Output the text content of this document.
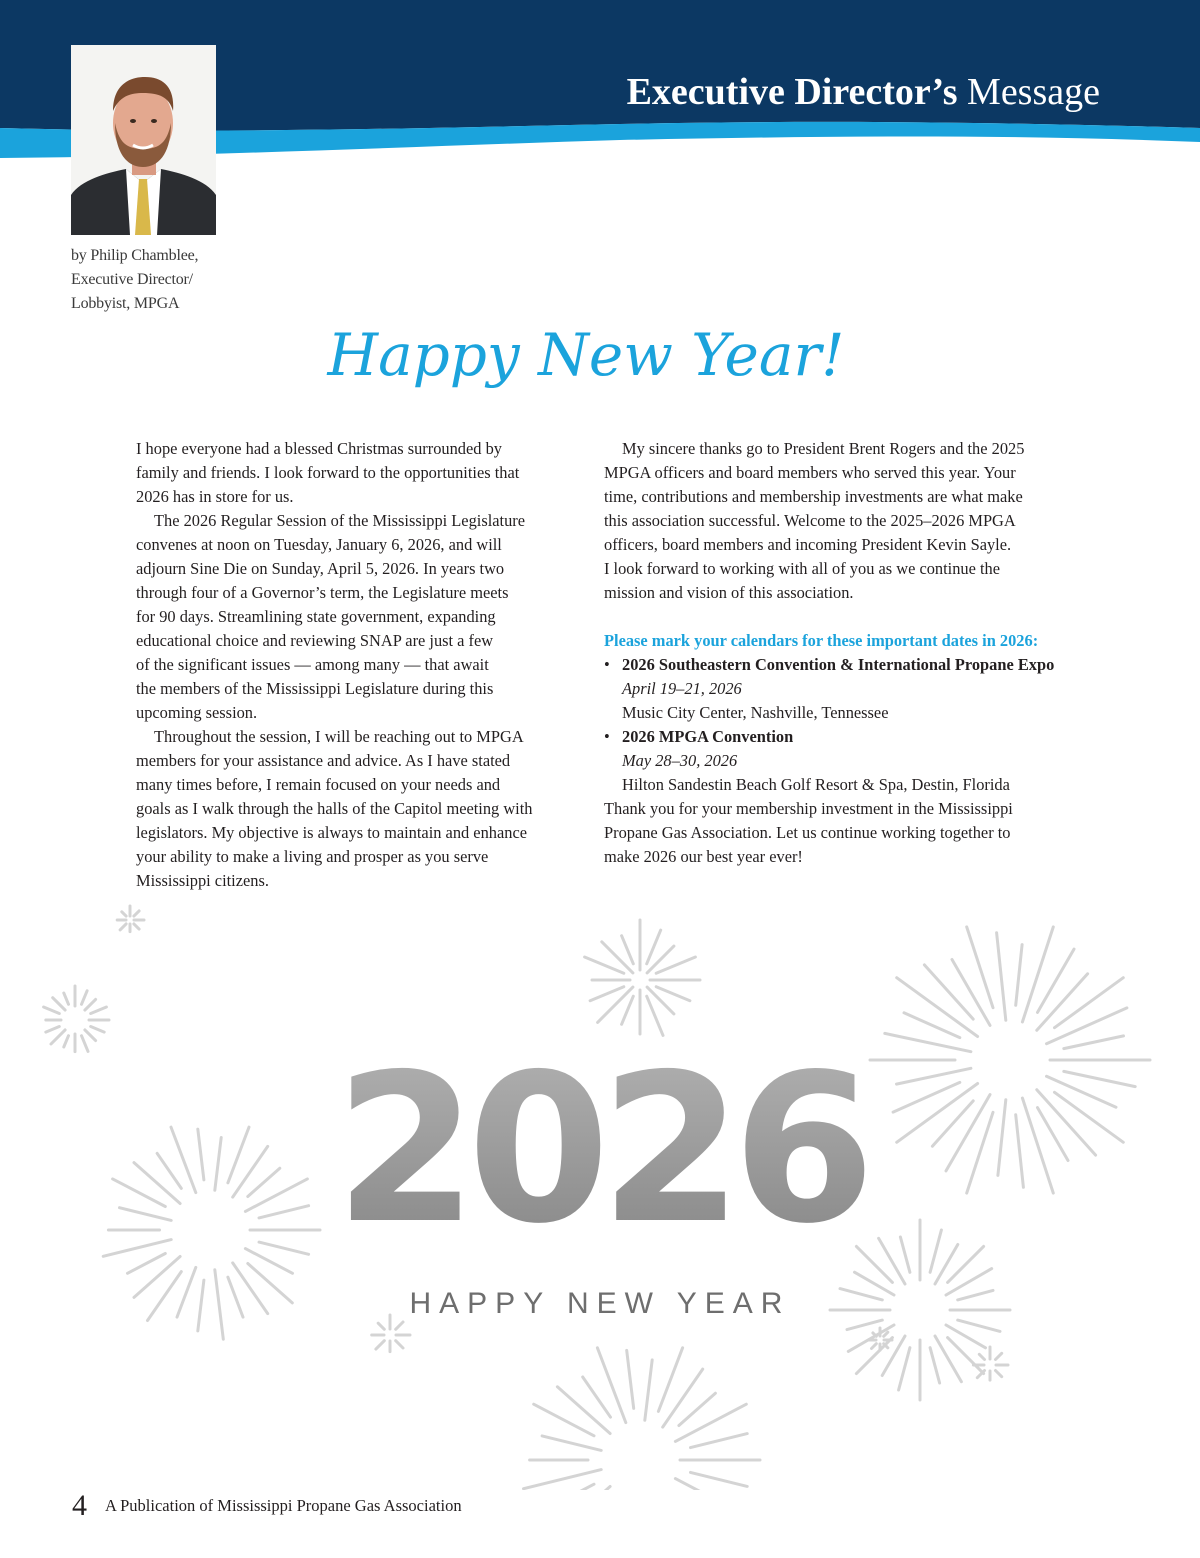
Executive Director’s Message
by Philip Chamblee,
Executive Director/
Lobbyist, MPGA
Happy New Year!

I hope everyone had a blessed Christmas surrounded by
family and friends. I look forward to the opportunities that
2026 has in store for us.

The 2026 Regular Session of the Mississippi Legislature
convenes at noon on Tuesday, January 6, 2026, and will
adjourn Sine Die on Sunday, April 5, 2026. In years two
through four of a Governor’s term, the Legislature meets
for 90 days. Streamlining state government, expanding
educational choice and reviewing SNAP are just a few
of the significant issues — among many — that await
the members of the Mississippi Legislature during this
upcoming session.

Throughout the session, I will be reaching out to MPGA
members for your assistance and advice. As I have stated
many times before, I remain focused on your needs and
goals as I walk through the halls of the Capitol meeting with
legislators. My objective is always to maintain and enhance
your ability to make a living and prosper as you serve
Mississippi citizens.

My sincere thanks go to President Brent Rogers and the 2025
MPGA officers and board members who served this year. Your
time, contributions and membership investments are what make
this association successful. Welcome to the 2025–2026 MPGA
officers, board members and incoming President Kevin Sayle.
I look forward to working with all of you as we continue the
mission and vision of this association.

Please mark your calendars for these important dates in 2026:
• 2026 Southeastern Convention & International Propane Expo
April 19–21, 2026
Music City Center, Nashville, Tennessee
• 2026 MPGA Convention
May 28–30, 2026
Hilton Sandestin Beach Golf Resort & Spa, Destin, Florida

Thank you for your membership investment in the Mississippi
Propane Gas Association. Let us continue working together to
make 2026 our best year ever!

2026
HAPPY NEW YEAR
4 A Publication of Mississippi Propane Gas Association
